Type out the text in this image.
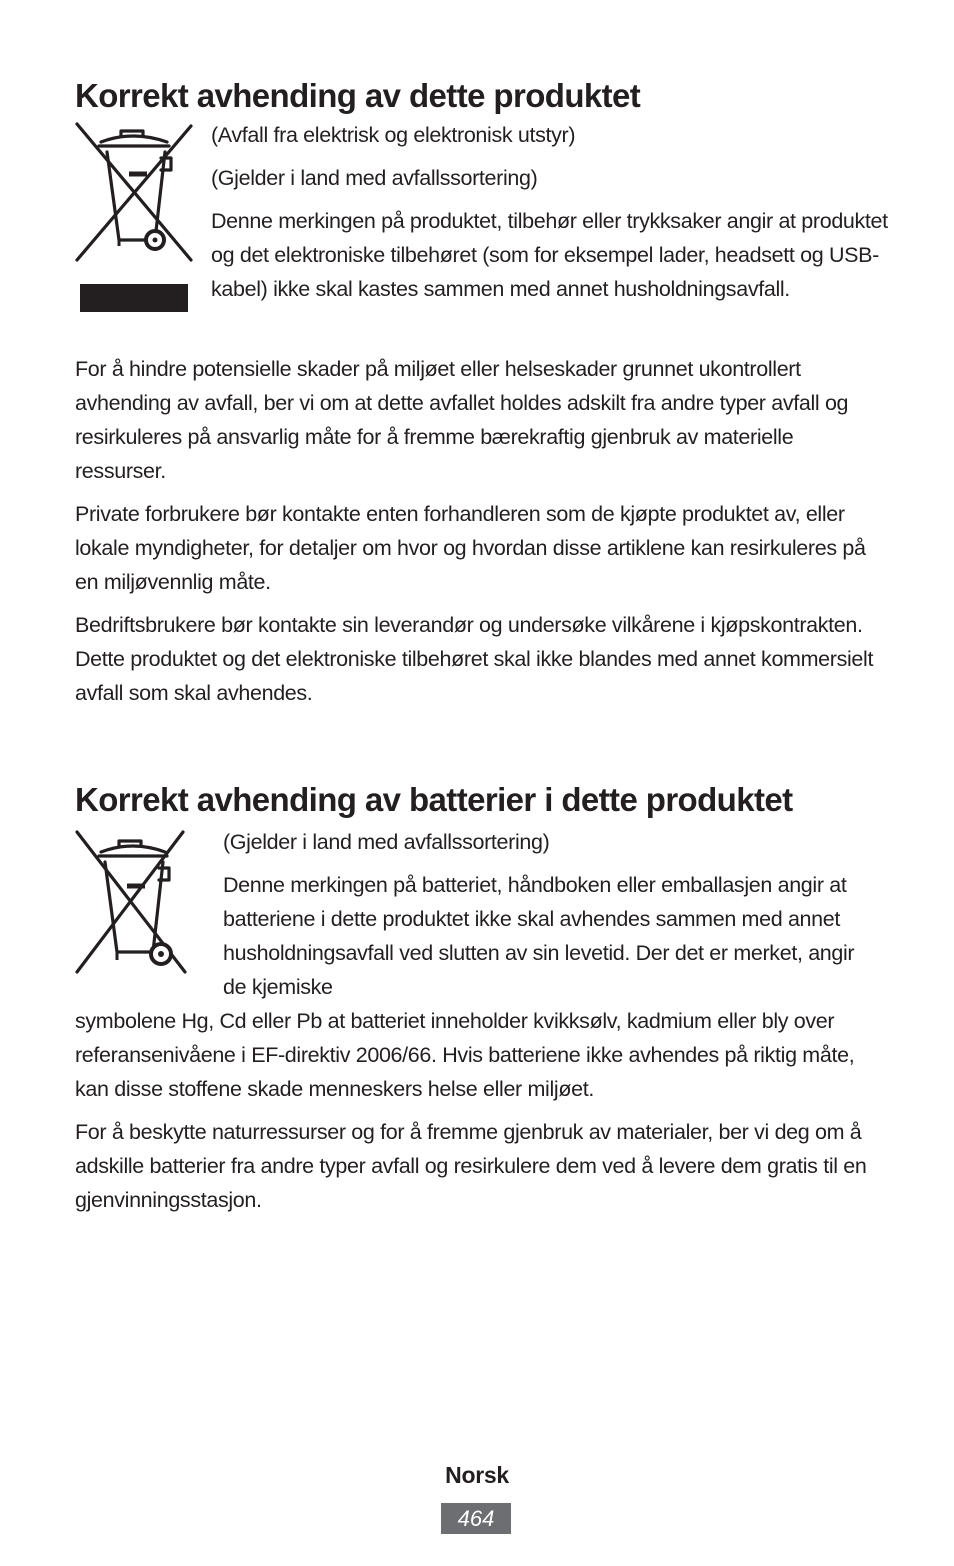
Korrekt avhending av dette produktet

(Avfall fra elektrisk og elektronisk utstyr)

(Gjelder i land med avfallssortering)

Denne merkingen på produktet, tilbehør eller trykksaker angir at produktet og det elektroniske tilbehøret (som for eksempel lader, headsett og USB-kabel) ikke skal kastes sammen med annet husholdningsavfall.

For å hindre potensielle skader på miljøet eller helseskader grunnet ukontrollert avhending av avfall, ber vi om at dette avfallet holdes adskilt fra andre typer avfall og resirkuleres på ansvarlig måte for å fremme bærekraftig gjenbruk av materielle ressurser.

Private forbrukere bør kontakte enten forhandleren som de kjøpte produktet av, eller lokale myndigheter, for detaljer om hvor og hvordan disse artiklene kan resirkuleres på en miljøvennlig måte.

Bedriftsbrukere bør kontakte sin leverandør og undersøke vilkårene i kjøpskontrakten. Dette produktet og det elektroniske tilbehøret skal ikke blandes med annet kommersielt avfall som skal avhendes.

Korrekt avhending av batterier i dette produktet

(Gjelder i land med avfallssortering)

Denne merkingen på batteriet, håndboken eller emballasjen angir at batteriene i dette produktet ikke skal avhendes sammen med annet husholdningsavfall ved slutten av sin levetid. Der det er merket, angir de kjemiske

symbolene Hg, Cd eller Pb at batteriet inneholder kvikksølv, kadmium eller bly over referansenivåene i EF-direktiv 2006/66. Hvis batteriene ikke avhendes på riktig måte, kan disse stoffene skade menneskers helse eller miljøet.

For å beskytte naturressurser og for å fremme gjenbruk av materialer, ber vi deg om å adskille batterier fra andre typer avfall og resirkulere dem ved å levere dem gratis til en gjenvinningsstasjon.

Norsk
464
